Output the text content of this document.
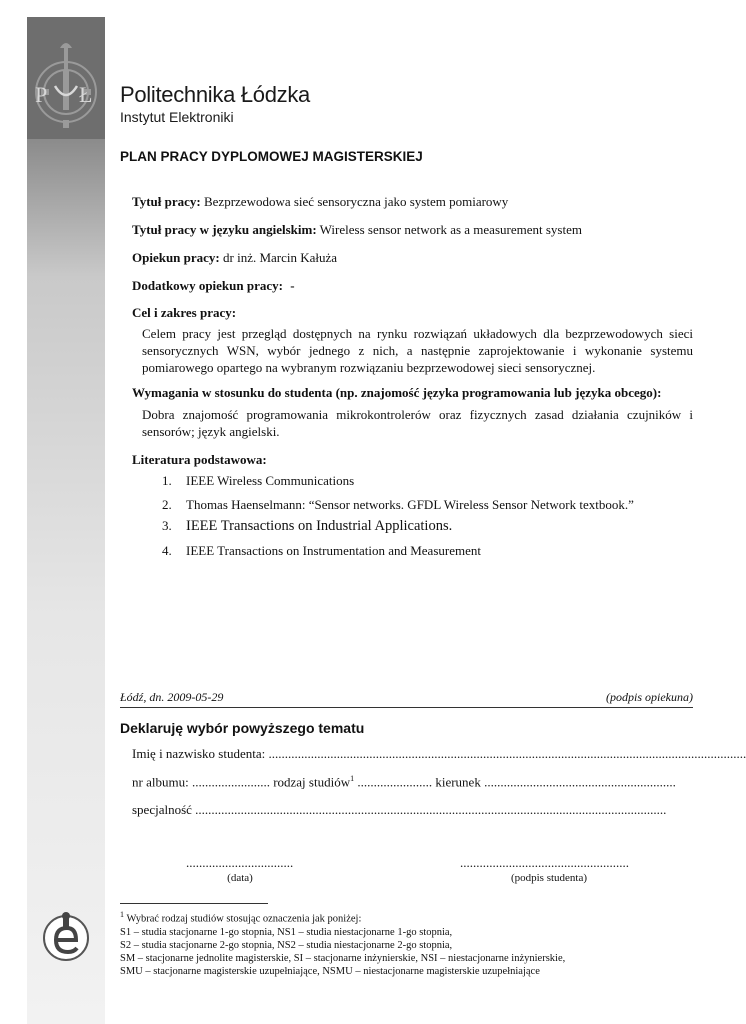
P Ł Politechnika Łódzka
Instytut Elektroniki
PLAN PRACY DYPLOMOWEJ MAGISTERSKIEJ
Tytuł pracy: Bezprzewodowa sieć sensoryczna jako system pomiarowy
Tytuł pracy w języku angielskim: Wireless sensor network as a measurement system
Opiekun pracy: dr inż. Marcin Kałuża
Dodatkowy opiekun pracy: -
Cel i zakres pracy:
Celem pracy jest przegląd dostępnych na rynku rozwiązań układowych dla bezprzewodowych sieci sensorycznych WSN, wybór jednego z nich, a następnie zaprojektowanie i wykonanie systemu pomiarowego opartego na wybranym rozwiązaniu bezprzewodowej sieci sensorycznej.
Wymagania w stosunku do studenta (np. znajomość języka programowania lub języka obcego):
Dobra znajomość programowania mikrokontrolerów oraz fizycznych zasad działania czujników i sensorów; język angielski.
Literatura podstawowa:
1. IEEE Wireless Communications
2. Thomas Haenselmann: “Sensor networks. GFDL Wireless Sensor Network textbook.”
3. IEEE Transactions on Industrial Applications.
4. IEEE Transactions on Instrumentation and Measurement
Łódź, dn. 2009-05-29	(podpis opiekuna)
Deklaruję wybór powyższego tematu
Imię i nazwisko studenta: ...................................................................................................................................................
nr albumu: ........................ rodzaj studiów$^1$ ....................... kierunek ...........................................................
specjalność .................................................................................................................................................
.................................
(data)
....................................................
(podpis studenta)
$^1$ Wybrać rodzaj studiów stosując oznaczenia jak poniżej:
S1 – studia stacjonarne 1-go stopnia, NS1 – studia niestacjonarne 1-go stopnia,
S2 – studia stacjonarne 2-go stopnia, NS2 – studia niestacjonarne 2-go stopnia,
SM – stacjonarne jednolite magisterskie, SI – stacjonarne inżynierskie, NSI – niestacjonarne inżynierskie,
SMU – stacjonarne magisterskie uzupełniające, NSMU – niestacjonarne magisterskie uzupełniające
